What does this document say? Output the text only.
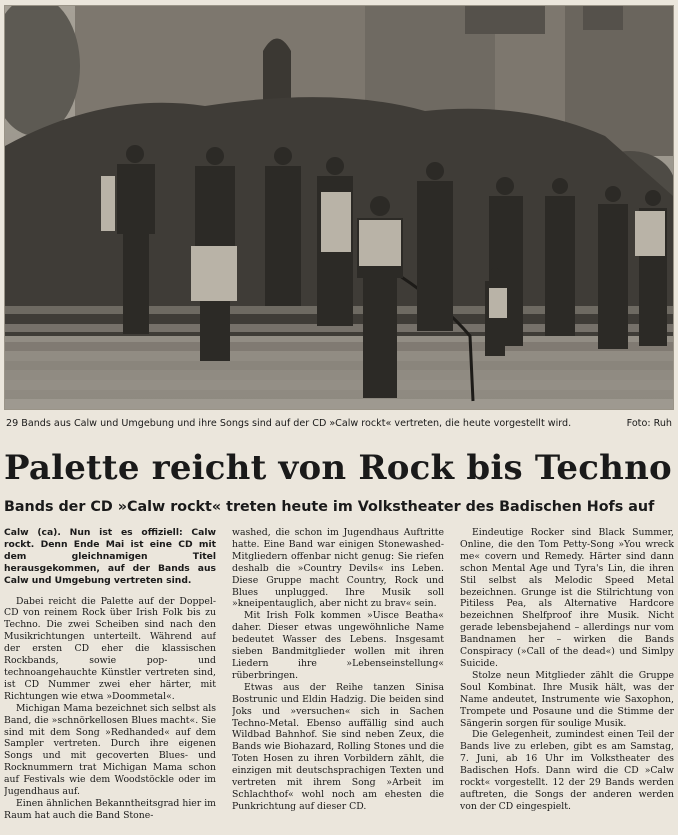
29 Bands aus Calw und Umgebung und ihre Songs sind auf der CD »Calw rockt« vertreten, die heute vorgestellt wird.	Foto: Ruh
Palette reicht von Rock bis Techno
Bands der CD »Calw rockt« treten heute im Volkstheater des Badischen Hofs auf
Calw (ca). Nun ist es offiziell: Calw rockt. Denn Ende Mai ist eine CD mit dem gleichnamigen Titel herausgekommen, auf der Bands aus Calw und Umgebung vertreten sind.

Dabei reicht die Palette auf der Doppel-CD von reinem Rock über Irish Folk bis zu Techno. Die zwei Scheiben sind nach den Musikrichtungen unterteilt. Während auf der ersten CD eher die klassischen Rockbands, sowie pop- und technoangehauchte Künstler vertreten sind, ist CD Nummer zwei eher härter, mit Richtungen wie etwa »Doommetal«.

Michigan Mama bezeichnet sich selbst als Band, die »schnörkellosen Blues macht«. Sie sind mit dem Song »Redhanded« auf dem Sampler vertreten. Durch ihre eigenen Songs und mit gecoverten Blues- und Rocknummern trat Michigan Mama schon auf Festivals wie dem Woodstöckle oder im Jugendhaus auf.

Einen ähnlichen Bekanntheitsgrad hier im Raum hat auch die Band Stone-

washed, die schon im Jugendhaus Auftritte hatte. Eine Band war einigen Stonewashed-Mitgliedern offenbar nicht genug: Sie riefen deshalb die »Country Devils« ins Leben. Diese Gruppe macht Country, Rock und Blues unplugged. Ihre Musik soll »kneipentauglich, aber nicht zu brav« sein.

Mit Irish Folk kommen »Uisce Beatha« daher. Dieser etwas ungewöhnliche Name bedeutet Wasser des Lebens. Insgesamt sieben Bandmitglieder wollen mit ihren Liedern ihre »Lebenseinstellung« rüberbringen.

Etwas aus der Reihe tanzen Sinisa Bostrunic und Eldin Hadzig. Die beiden sind Joks und »versuchen« sich in Sachen Techno-Metal. Ebenso auffällig sind auch Wildbad Bahnhof. Sie sind neben Zeux, die Bands wie Biohazard, Rolling Stones und die Toten Hosen zu ihren Vorbildern zählt, die einzigen mit deutschsprachigen Texten und vertreten mit ihrem Song »Arbeit im Schlachthof« wohl noch am ehesten die Punkrichtung auf dieser CD.

Eindeutige Rocker sind Black Summer, Online, die den Tom Petty-Song »You wreck me« covern und Remedy. Härter sind dann schon Mental Age und Tyra's Lin, die ihren Stil selbst als Melodic Speed Metal bezeichnen. Grunge ist die Stilrichtung von Pitiless Pea, als Alternative Hardcore bezeichnen Shelfproof ihre Musik. Nicht gerade lebensbejahend – allerdings nur vom Bandnamen her – wirken die Bands Conspiracy (»Call of the dead«) und Simlpy Suicide.

Stolze neun Mitglieder zählt die Gruppe Soul Kombinat. Ihre Musik hält, was der Name andeutet, Instrumente wie Saxophon, Trompete und Posaune und die Stimme der Sängerin sorgen für soulige Musik.

Die Gelegenheit, zumindest einen Teil der Bands live zu erleben, gibt es am Samstag, 7. Juni, ab 16 Uhr im Volkstheater des Badischen Hofs. Dann wird die CD »Calw rockt« vorgestellt. 12 der 29 Bands werden auftreten, die Songs der anderen werden von der CD eingespielt.
